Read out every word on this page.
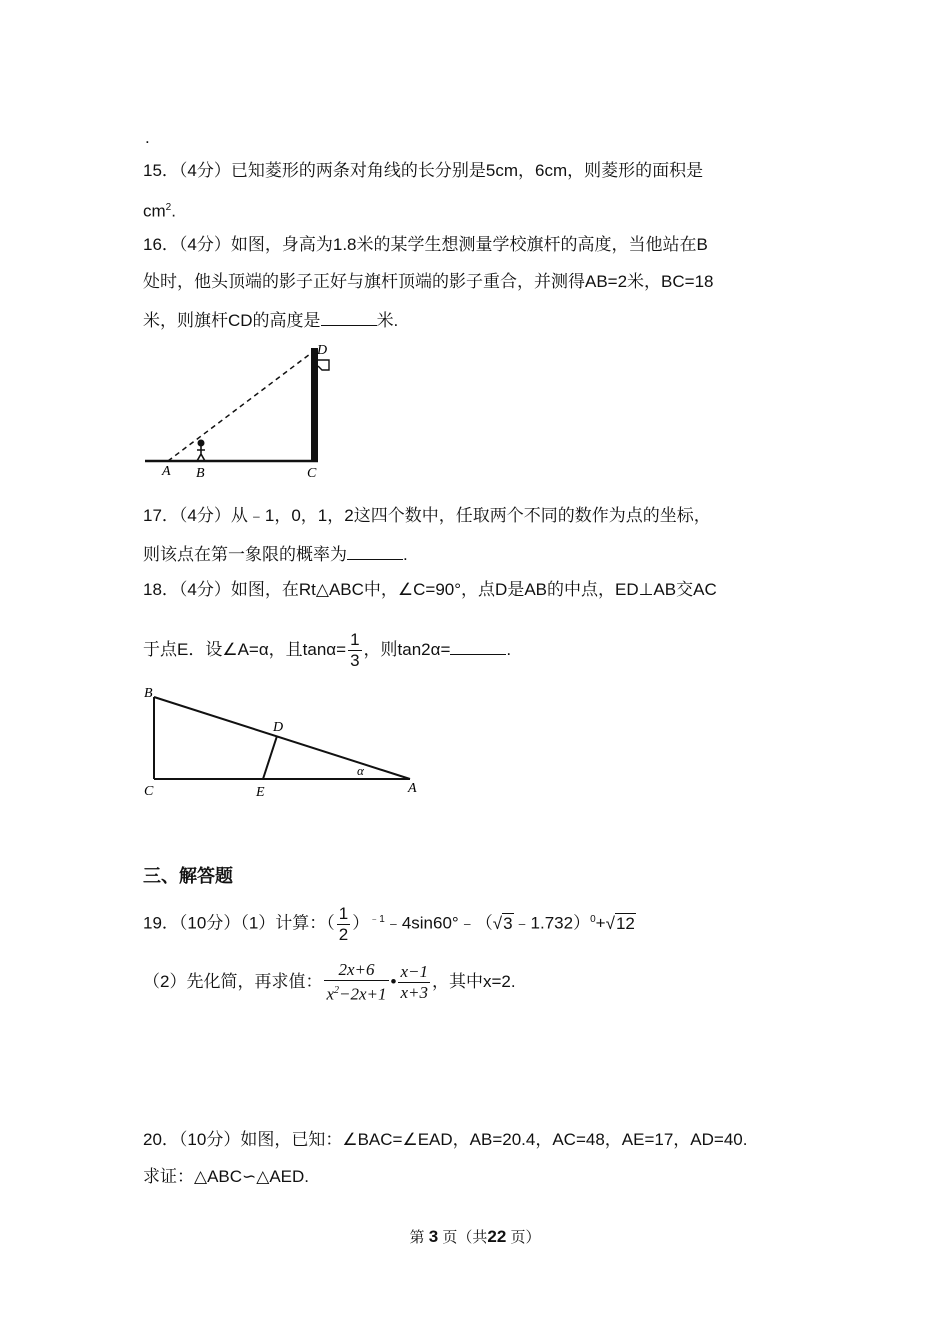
.
15．（4分）已知菱形的两条对角线的长分别是5cm，6cm，则菱形的面积是
$cm^2$.
16．（4分）如图，身高为1.8米的某学生想测量学校旗杆的高度，当他站在B
处时，他头顶端的影子正好与旗杆顶端的影子重合，并测得AB=2米，BC=18
米，则旗杆CD的高度是	米.
A B	C
D
17．（4分）从﹣1，0，1，2这四个数中，任取两个不同的数作为点的坐标，
则该点在第一象限的概率为	.
18．（4分）如图，在Rt△ABC中，∠C=90°，点D是AB的中点，ED⊥AB交AC
于点E．设∠A=α，且$\tan\alpha= \frac{1}{3}$ ，则tan2α=	.
B
C
D
E	A
α
三、解答题
19．（10分）（1）计算：（ $\frac{1}{2}$ ）$^{﹣1}$﹣4sin60°﹣（√3﹣1.732）$^0$+√12
（2）先化简，再求值： $\frac{2x+6}{x^2-2x+1}$ • $\frac{x-1}{x+3}$ ，其中x=2.
20．（10分）如图，已知：∠BAC=∠EAD，AB=20.4，AC=48，AE=17，AD=40.
求证：△ABC∽△AED.
第 3 页（共22 页）
